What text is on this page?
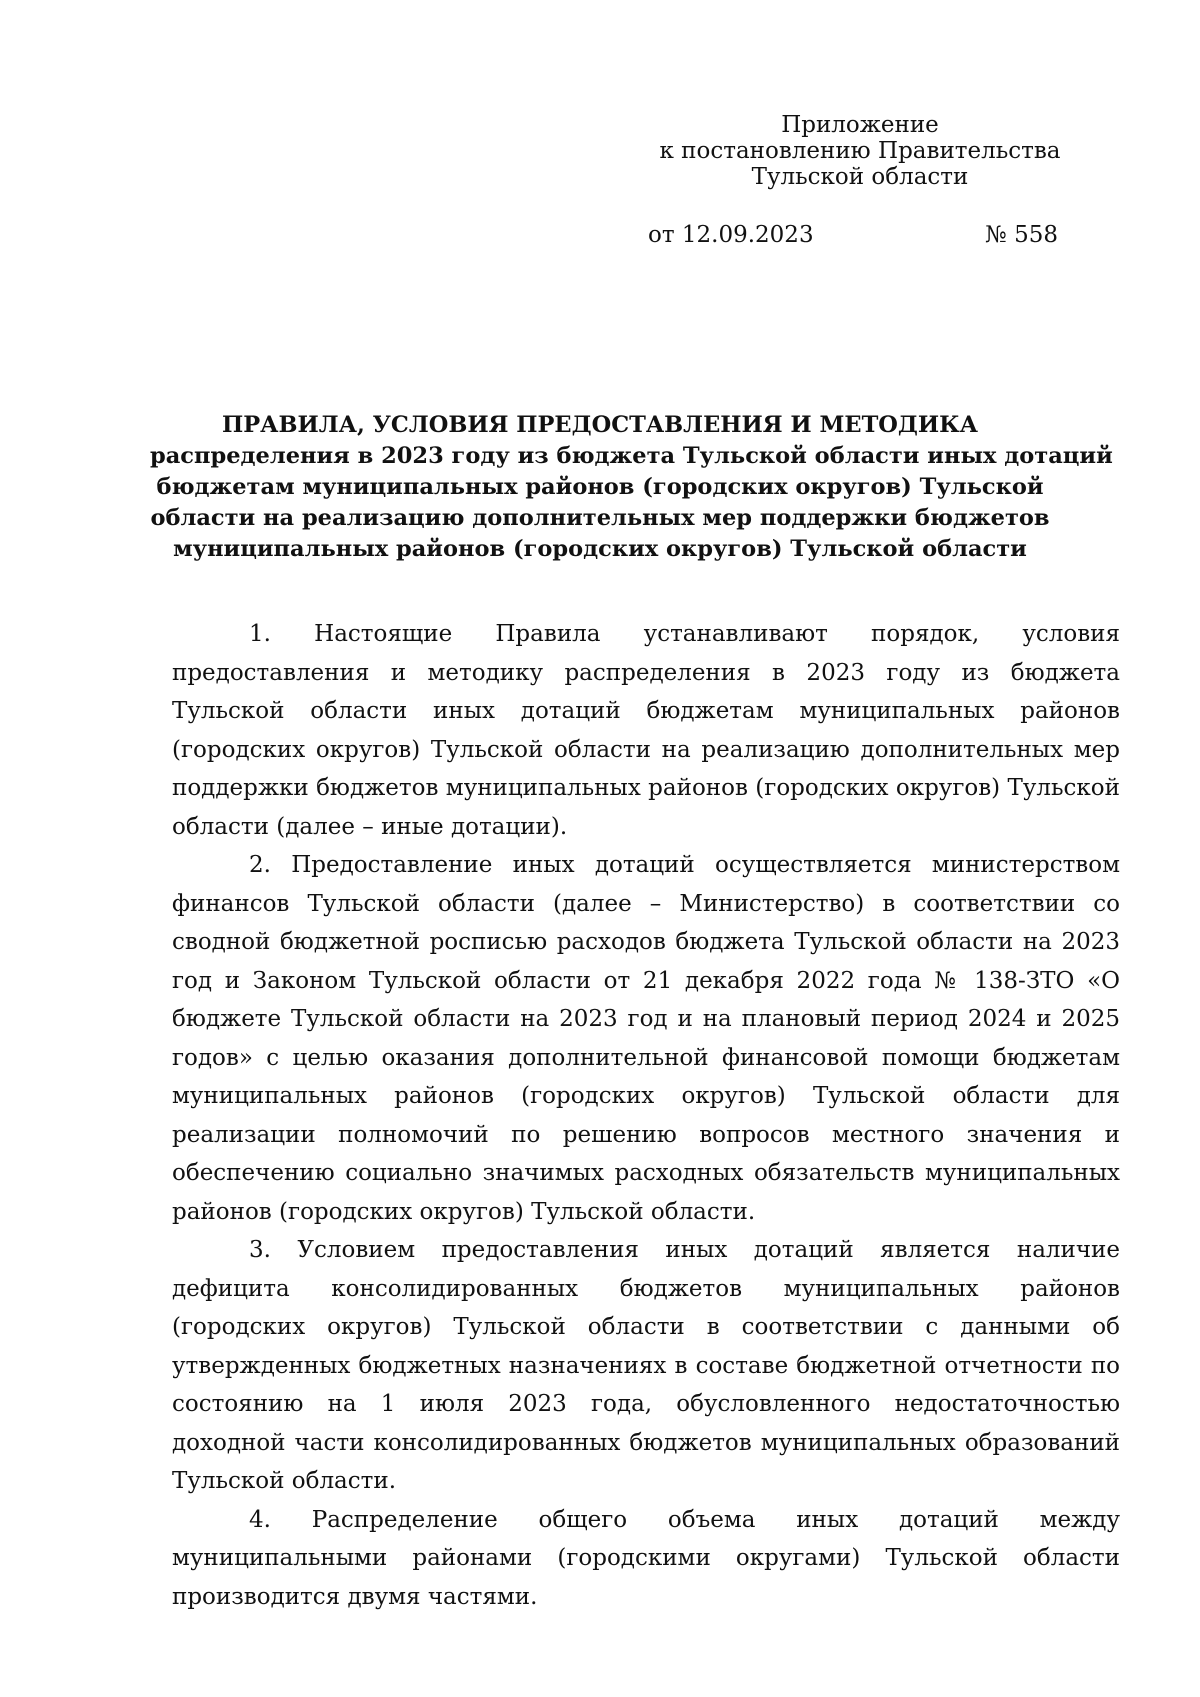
Приложение
к постановлению Правительства
Тульской области
от 12.09.2023	№ 558
ПРАВИЛА, УСЛОВИЯ ПРЕДОСТАВЛЕНИЯ И МЕТОДИКА
распределения в 2023 году из бюджета Тульской области иных дотаций
бюджетам муниципальных районов (городских округов) Тульской
области на реализацию дополнительных мер поддержки бюджетов
муниципальных районов (городских округов) Тульской области

1. Настоящие Правила устанавливают порядок, условия предоставления и методику распределения в 2023 году из бюджета Тульской области иных дотаций бюджетам муниципальных районов (городских округов) Тульской области на реализацию дополнительных мер поддержки бюджетов муниципальных районов (городских округов) Тульской области (далее – иные дотации).

2. Предоставление иных дотаций осуществляется министерством финансов Тульской области (далее – Министерство) в соответствии со сводной бюджетной росписью расходов бюджета Тульской области на 2023 год и Законом Тульской области от 21 декабря 2022 года № 138-ЗТО «О бюджете Тульской области на 2023 год и на плановый период 2024 и 2025 годов» с целью оказания дополнительной финансовой помощи бюджетам муниципальных районов (городских округов) Тульской области для реализации полномочий по решению вопросов местного значения и обеспечению социально значимых расходных обязательств муниципальных районов (городских округов) Тульской области.

3. Условием предоставления иных дотаций является наличие дефицита консолидированных бюджетов муниципальных районов (городских округов) Тульской области в соответствии с данными об утвержденных бюджетных назначениях в составе бюджетной отчетности по состоянию на 1 июля 2023 года, обусловленного недостаточностью доходной части консолидированных бюджетов муниципальных образований Тульской области.

4. Распределение общего объема иных дотаций между муниципальными районами (городскими округами) Тульской области производится двумя частями.
